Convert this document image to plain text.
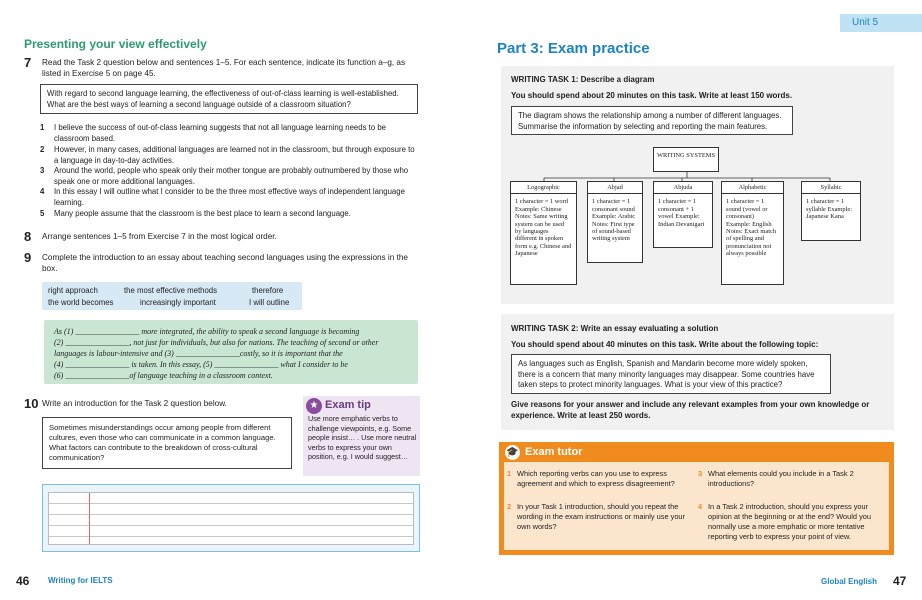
Unit 5
Presenting your view effectively
7 Read the Task 2 question below and sentences 1–5. For each sentence, indicate its function a–g, as listed in Exercise 5 on page 45.
With regard to second language learning, the effectiveness of out-of-class learning is well-established. What are the best ways of learning a second language outside of a classroom situation?
1 I believe the success of out-of-class learning suggests that not all language learning needs to be classroom based.
2 However, in many cases, additional languages are learned not in the classroom, but through exposure to a language in day-to-day activities.
3 Around the world, people who speak only their mother tongue are probably outnumbered by those who speak one or more additional languages.
4 In this essay I will outline what I consider to be the three most effective ways of independent language learning.
5 Many people assume that the classroom is the best place to learn a second language.
8 Arrange sentences 1–5 from Exercise 7 in the most logical order.
9 Complete the introduction to an essay about teaching second languages using the expressions in the box.
right approach	the most effective methods	therefore
the world becomes	increasingly important	I will outline
As (1) ________________ more integrated, the ability to speak a second language is becoming
(2) ________________, not just for individuals, but also for nations. The teaching of second or other
languages is labour-intensive and (3) ________________costly, so it is important that the
(4) ________________ is taken. In this essay, (5) ________________ what I consider to be
(6) ________________of language teaching in a classroom context.
10 Write an introduction for the Task 2 question below.
Sometimes misunderstandings occur among people from different cultures, even those who can communicate in a common language. What factors can contribute to the breakdown of cross-cultural communication?
★ Exam tip
Use more emphatic verbs to challenge viewpoints, e.g. Some people insist… . Use more neutral verbs to express your own position, e.g. I would suggest…
Part 3: Exam practice
WRITING TASK 1: Describe a diagram
You should spend about 20 minutes on this task. Write at least 150 words.
The diagram shows the relationship among a number of different languages. Summarise the information by selecting and reporting the main features.
WRITING SYSTEMS
Logographic
1 character = 1 word Example: Chinese Notes: Same writing system can be used by languages different in spoken form e.g. Chinese and Japanese
Abjad
1 character = 1 consonant sound Example: Arabic Notes: First type of sound-based writing system
Abjuda
1 character = 1 consonant + 1 vowel Example: Indian Devanigari
Alphabetic
1 character = 1 sound (vowel or consonant) Example: English Notes: Exact match of spelling and pronunciation not always possible
Syllabic
1 character = 1 syllable Example: Japanese Kana
WRITING TASK 2: Write an essay evaluating a solution
You should spend about 40 minutes on this task. Write about the following topic:
As languages such as English, Spanish and Mandarin become more widely spoken, there is a concern that many minority languages may disappear. Some countries have taken steps to protect minority languages. What is your view of this practice?
Give reasons for your answer and include any relevant examples from your own knowledge or experience. Write at least 250 words.
🎓 Exam tutor
1 Which reporting verbs can you use to express agreement and which to express disagreement?
2 In your Task 1 introduction, should you repeat the wording in the exam instructions or mainly use your own words?
3 What elements could you include in a Task 2 introductions?
4 In a Task 2 introduction, should you express your opinion at the beginning or at the end? Would you normally use a more emphatic or more tentative reporting verb to express your point of view.
46 Writing for IELTS	Global English 47
